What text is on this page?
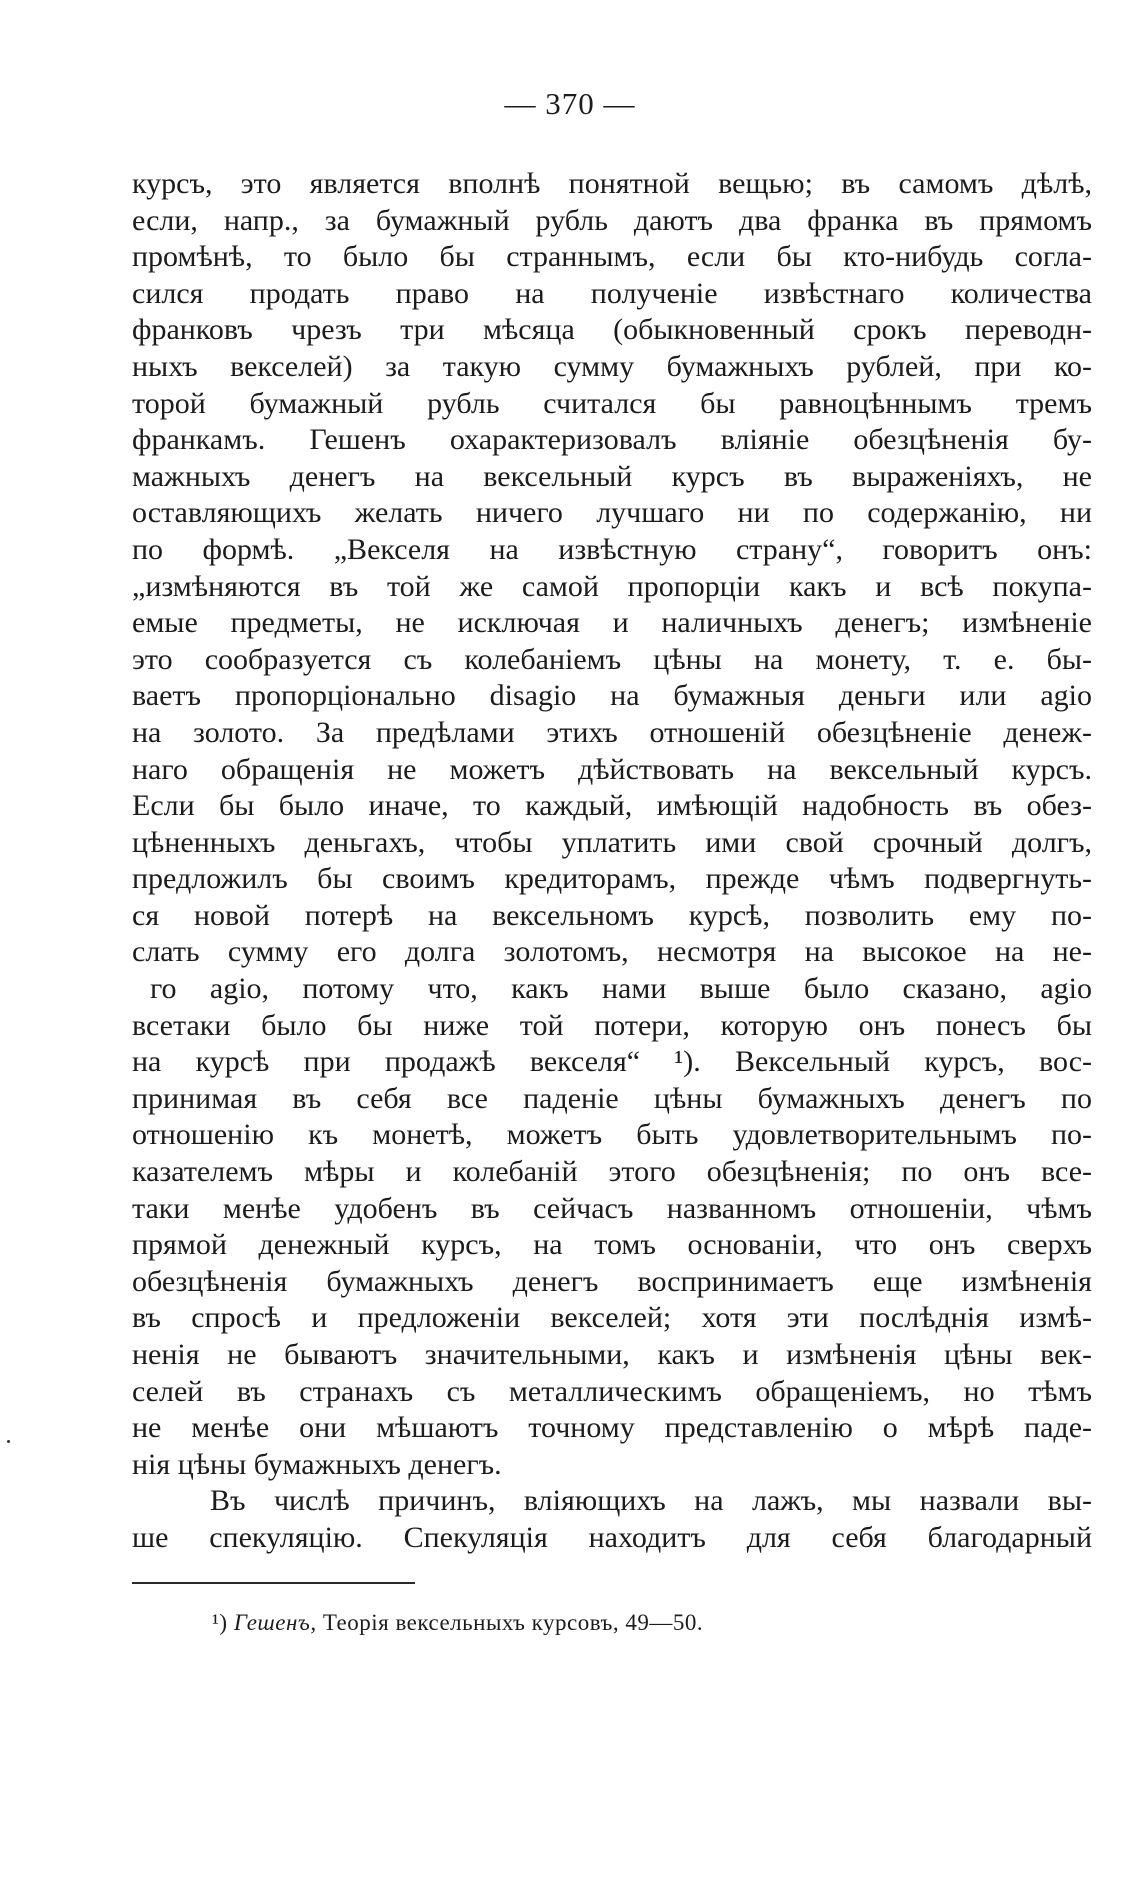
— 370 —
курсъ, это является вполнѣ понятной вещью; въ самомъ дѣлѣ,
если, напр., за бумажный рубль даютъ два франка въ прямомъ
промѣнѣ, то было бы страннымъ, если бы кто-нибудь согла-
сился продать право на полученіе извѣстнаго количества
франковъ чрезъ три мѣсяца (обыкновенный срокъ переводн-
ныхъ векселей) за такую сумму бумажныхъ рублей, при ко-
торой бумажный рубль считался бы равноцѣннымъ тремъ
франкамъ. Гешенъ охарактеризовалъ вліяніе обезцѣненія бу-
мажныхъ денегъ на вексельный курсъ въ выраженіяхъ, не
оставляющихъ желать ничего лучшаго ни по содержанію, ни
по формѣ. „Векселя на извѣстную страну“, говоритъ онъ:
„измѣняются въ той же самой пропорціи какъ и всѣ покупа-
емые предметы, не исключая и наличныхъ денегъ; измѣненіе
это сообразуется съ колебаніемъ цѣны на монету, т. е. бы-
ваетъ пропорціонально disagio на бумажныя деньги или agio
на золото. За предѣлами этихъ отношеній обезцѣненіе денеж-
наго обращенія не можетъ дѣйствовать на вексельный курсъ.
Если бы было иначе, то каждый, имѣющій надобность въ обез-
цѣненныхъ деньгахъ, чтобы уплатить ими свой срочный долгъ,
предложилъ бы своимъ кредиторамъ, прежде чѣмъ подвергнуть-
ся новой потерѣ на вексельномъ курсѣ, позволить ему по-
слать сумму его долга золотомъ, несмотря на высокое на не-
го agio, потому что, какъ нами выше было сказано, agio
всетаки было бы ниже той потери, которую онъ понесъ бы
на курсѣ при продажѣ векселя“ ¹). Вексельный курсъ, вос-
принимая въ себя все паденіе цѣны бумажныхъ денегъ по
отношенію къ монетѣ, можетъ быть удовлетворительнымъ по-
казателемъ мѣры и колебаній этого обезцѣненія; по онъ все-
таки менѣе удобенъ въ сейчасъ названномъ отношеніи, чѣмъ
прямой денежный курсъ, на томъ основаніи, что онъ сверхъ
обезцѣненія бумажныхъ денегъ воспринимаетъ еще измѣненія
въ спросѣ и предложеніи векселей; хотя эти послѣднія измѣ-
ненія не бываютъ значительными, какъ и измѣненія цѣны век-
селей въ странахъ съ металлическимъ обращеніемъ, но тѣмъ
не менѣе они мѣшаютъ точному представленію о мѣрѣ паде-
нія цѣны бумажныхъ денегъ.
Въ числѣ причинъ, вліяющихъ на лажъ, мы назвали вы-
ше спекуляцію. Спекуляція находитъ для себя благодарный
¹) Гешенъ, Теорія вексельныхъ курсовъ, 49—50.
